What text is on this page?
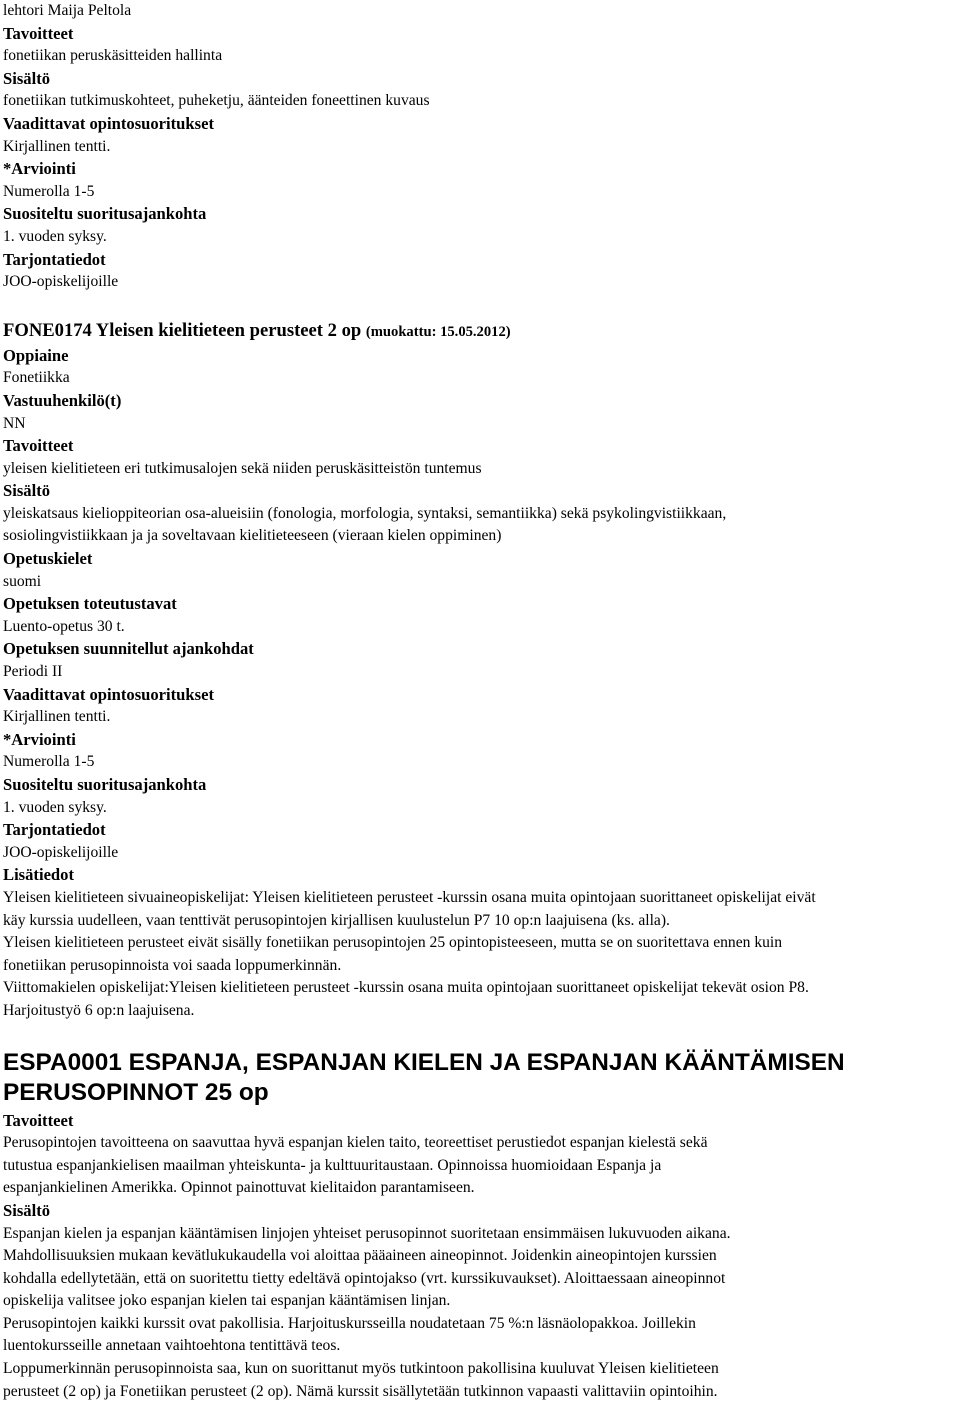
lehtori Maija Peltola
Tavoitteet
fonetiikan peruskäsitteiden hallinta
Sisältö
fonetiikan tutkimuskohteet, puheketju, äänteiden foneettinen kuvaus
Vaadittavat opintosuoritukset
Kirjallinen tentti.
*Arviointi
Numerolla 1-5
Suositeltu suoritusajankohta
1. vuoden syksy.
Tarjontatiedot
JOO-opiskelijoille
FONE0174 Yleisen kielitieteen perusteet 2 op (muokattu: 15.05.2012)
Oppiaine
Fonetiikka
Vastuuhenkilö(t)
NN
Tavoitteet
yleisen kielitieteen eri tutkimusalojen sekä niiden peruskäsitteistön tuntemus
Sisältö
yleiskatsaus kielioppiteorian osa-alueisiin (fonologia, morfologia, syntaksi, semantiikka) sekä psykolingvistiikkaan,
sosiolingvistiikkaan ja ja soveltavaan kielitieteeseen (vieraan kielen oppiminen)
Opetuskielet
suomi
Opetuksen toteutustavat
Luento-opetus 30 t.
Opetuksen suunnitellut ajankohdat
Periodi II
Vaadittavat opintosuoritukset
Kirjallinen tentti.
*Arviointi
Numerolla 1-5
Suositeltu suoritusajankohta
1. vuoden syksy.
Tarjontatiedot
JOO-opiskelijoille
Lisätiedot
Yleisen kielitieteen sivuaineopiskelijat: Yleisen kielitieteen perusteet -kurssin osana muita opintojaan suorittaneet opiskelijat eivät
käy kurssia uudelleen, vaan tenttivät perusopintojen kirjallisen kuulustelun P7 10 op:n laajuisena (ks. alla).
Yleisen kielitieteen perusteet eivät sisälly fonetiikan perusopintojen 25 opintopisteeseen, mutta se on suoritettava ennen kuin
fonetiikan perusopinnoista voi saada loppumerkinnän.
Viittomakielen opiskelijat:Yleisen kielitieteen perusteet -kurssin osana muita opintojaan suorittaneet opiskelijat tekevät osion P8.
Harjoitustyö 6 op:n laajuisena.
ESPA0001 ESPANJA, ESPANJAN KIELEN JA ESPANJAN KÄÄNTÄMISEN
PERUSOPINNOT 25 op
Tavoitteet
Perusopintojen tavoitteena on saavuttaa hyvä espanjan kielen taito, teoreettiset perustiedot espanjan kielestä sekä
tutustua espanjankielisen maailman yhteiskunta- ja kulttuuritaustaan. Opinnoissa huomioidaan Espanja ja
espanjankielinen Amerikka. Opinnot painottuvat kielitaidon parantamiseen.
Sisältö
Espanjan kielen ja espanjan kääntämisen linjojen yhteiset perusopinnot suoritetaan ensimmäisen lukuvuoden aikana.
Mahdollisuuksien mukaan kevätlukukaudella voi aloittaa pääaineen aineopinnot. Joidenkin aineopintojen kurssien
kohdalla edellytetään, että on suoritettu tietty edeltävä opintojakso (vrt. kurssikuvaukset). Aloittaessaan aineopinnot
opiskelija valitsee joko espanjan kielen tai espanjan kääntämisen linjan.
Perusopintojen kaikki kurssit ovat pakollisia. Harjoituskursseilla noudatetaan 75 %:n läsnäolopakkoa. Joillekin
luentokursseille annetaan vaihtoehtona tentittävä teos.
Loppumerkinnän perusopinnoista saa, kun on suorittanut myös tutkintoon pakollisina kuuluvat Yleisen kielitieteen
perusteet (2 op) ja Fonetiikan perusteet (2 op). Nämä kurssit sisällytetään tutkinnon vapaasti valittaviin opintoihin.
